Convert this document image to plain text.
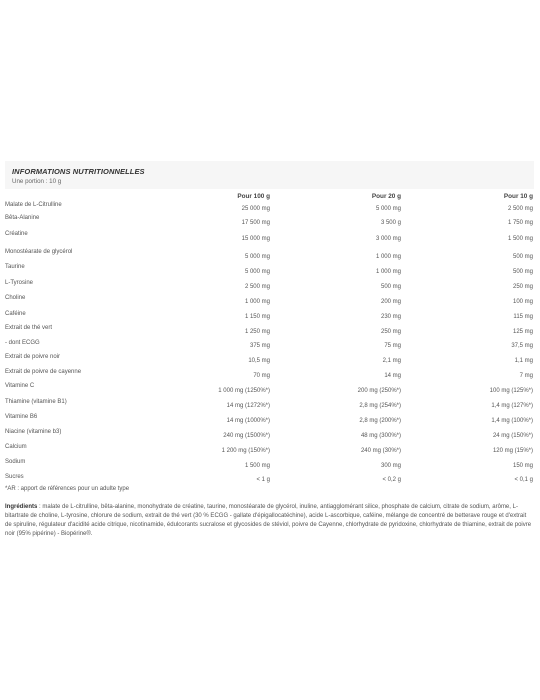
INFORMATIONS NUTRITIONNELLES
Une portion : 10 g
Pour 100 g	Pour 20 g	Pour 10 g
Malate de L-Citrulline
25 000 mg	5 000 mg	2 500 mg
Bêta-Alanine
17 500 mg	3 500 g	1 750 mg
Créatine
15 000 mg	3 000 mg	1 500 mg
Monostéarate de glycérol
5 000 mg	1 000 mg	500 mg
Taurine
5 000 mg	1 000 mg	500 mg
L-Tyrosine
2 500 mg	500 mg	250 mg
Choline
1 000 mg	200 mg	100 mg
Caféine	1 150 mg	230 mg	115 mg
Extrait de thé vert
1 250 mg	250 mg	125 mg
- dont ECGG	375 mg	75 mg	37,5 mg
Extrait de poivre noir
10,5 mg	2,1 mg	1,1 mg
Extrait de poivre de cayenne
70 mg	14 mg	7 mg
Vitamine C
1 000 mg (1250%*)	200 mg (250%*)	100 mg (125%*)
Thiamine (vitamine B1)
14 mg (1272%*)	2,8 mg (254%*)	1,4 mg (127%*)
Vitamine B6
14 mg (1000%*)	2,8 mg (200%*)	1,4 mg (100%*)
Niacine (vitamine b3)
240 mg (1500%*)	48 mg (300%*)	24 mg (150%*)
Calcium
1 200 mg (150%*)	240 mg (30%*)	120 mg (15%*)
Sodium
1 500 mg	300 mg	150 mg
Sucres	< 1 g	< 0,2 g	< 0,1 g
*AR : apport de références pour un adulte type
Ingrédients : malate de L-citrulline, bêta-alanine, monohydrate de créatine, taurine, monostéarate de glycérol, inuline, antiagglomérant silice, phosphate de calcium, citrate de sodium, arôme, L-bitartrate de choline, L-tyrosine, chlorure de sodium, extrait de thé vert (30 % ECGG - gallate d'épigallocatéchine), acide L-ascorbique, caféine, mélange de concentré de betterave rouge et d'extrait de spiruline, régulateur d'acidité acide citrique, nicotinamide, édulcorants sucralose et glycosides de stéviol, poivre de Cayenne, chlorhydrate de pyridoxine, chlorhydrate de thiamine, extrait de poivre noir (95% pipérine) - Biopérine®.
